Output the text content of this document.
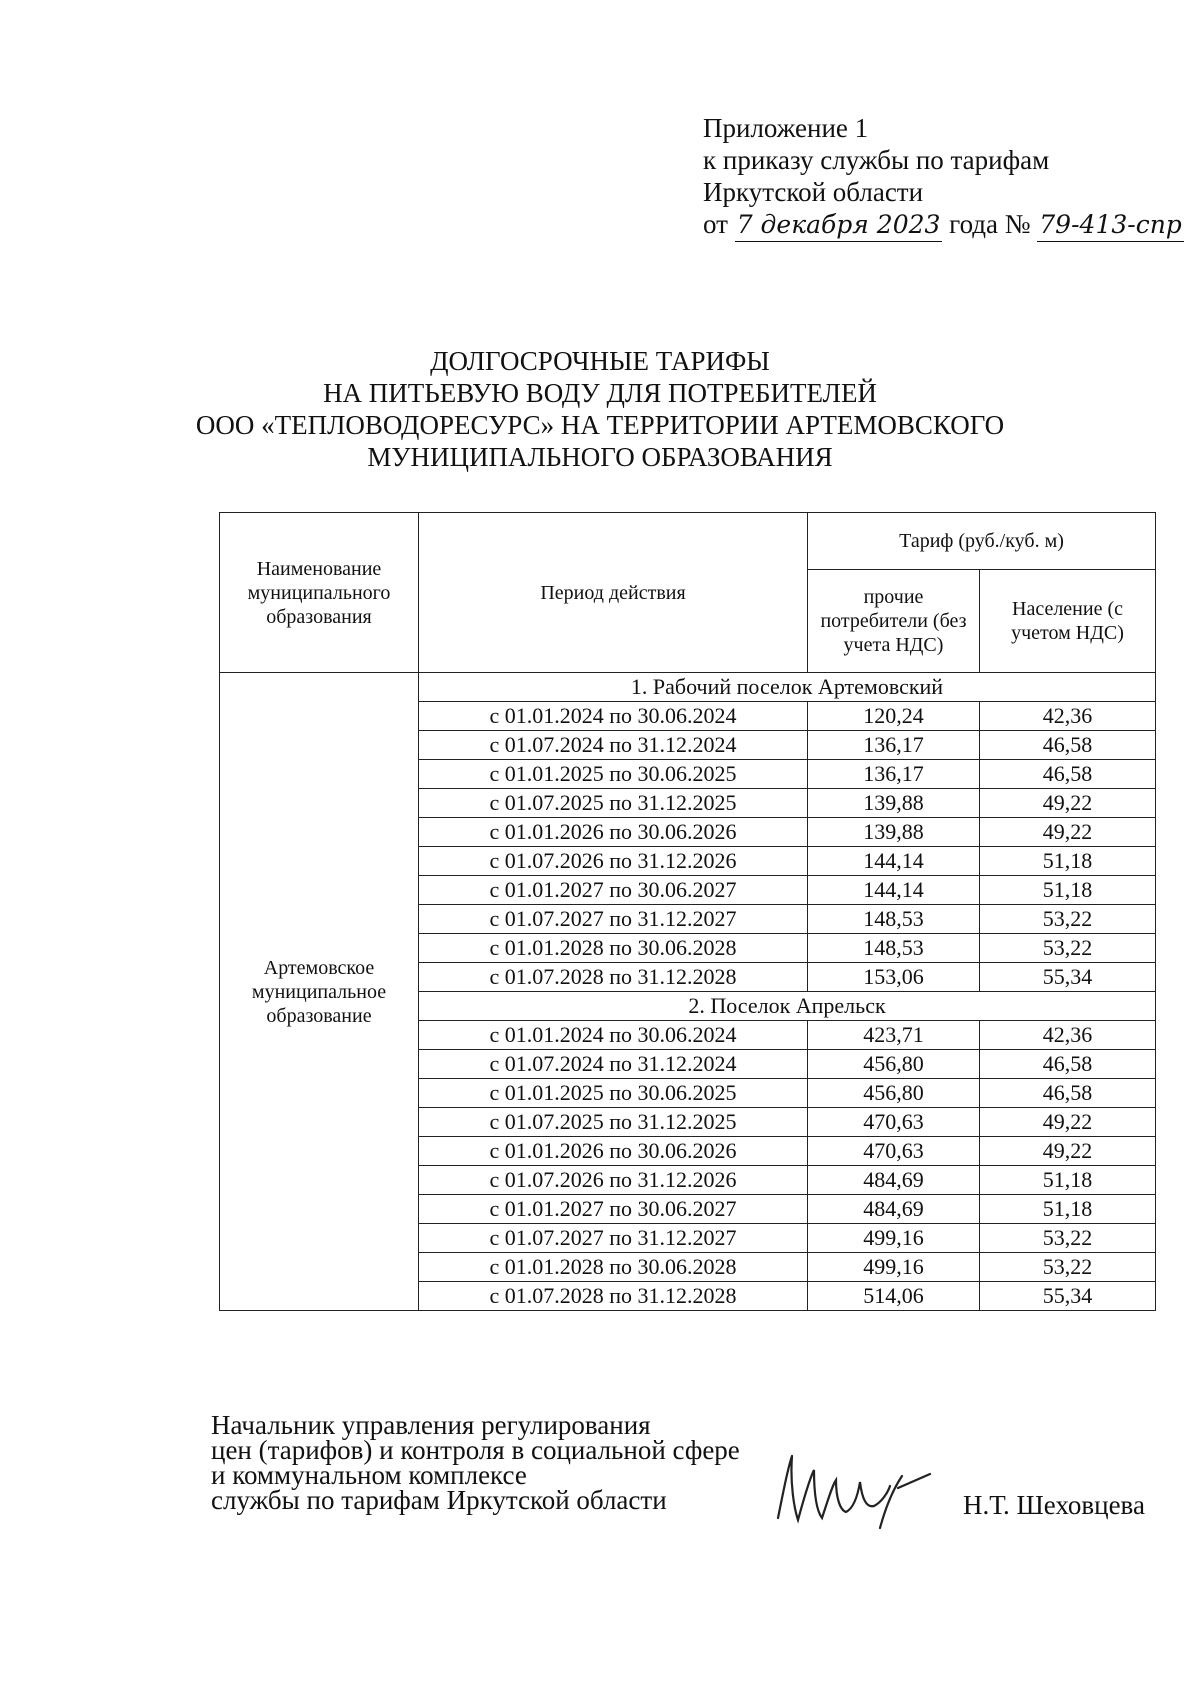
Приложение 1
к приказу службы по тарифам
Иркутской области
от 7 декабря 2023 года № 79-413-спр
ДОЛГОСРОЧНЫЕ ТАРИФЫ
НА ПИТЬЕВУЮ ВОДУ ДЛЯ ПОТРЕБИТЕЛЕЙ
ООО «ТЕПЛОВОДОРЕСУРС» НА ТЕРРИТОРИИ АРТЕМОВСКОГО
МУНИЦИПАЛЬНОГО ОБРАЗОВАНИЯ
Наименование муниципального образования	Период действия	Тариф (руб./куб. м)	
		прочие потребители (без учета НДС)	Население (с учетом НДС)
Артемовское муниципальное образование	1. Рабочий поселок Артемовский		
	с 01.01.2024 по 30.06.2024	120,24	42,36
	с 01.07.2024 по 31.12.2024	136,17	46,58
	с 01.01.2025 по 30.06.2025	136,17	46,58
	с 01.07.2025 по 31.12.2025	139,88	49,22
	с 01.01.2026 по 30.06.2026	139,88	49,22
	с 01.07.2026 по 31.12.2026	144,14	51,18
	с 01.01.2027 по 30.06.2027	144,14	51,18
	с 01.07.2027 по 31.12.2027	148,53	53,22
	с 01.01.2028 по 30.06.2028	148,53	53,22
	с 01.07.2028 по 31.12.2028	153,06	55,34
	2. Поселок Апрельск		
	с 01.01.2024 по 30.06.2024	423,71	42,36
	с 01.07.2024 по 31.12.2024	456,80	46,58
	с 01.01.2025 по 30.06.2025	456,80	46,58
	с 01.07.2025 по 31.12.2025	470,63	49,22
	с 01.01.2026 по 30.06.2026	470,63	49,22
	с 01.07.2026 по 31.12.2026	484,69	51,18
	с 01.01.2027 по 30.06.2027	484,69	51,18
	с 01.07.2027 по 31.12.2027	499,16	53,22
	с 01.01.2028 по 30.06.2028	499,16	53,22
	с 01.07.2028 по 31.12.2028	514,06	55,34
Начальник управления регулирования
цен (тарифов) и контроля в социальной сфере
и коммунальном комплексе
службы по тарифам Иркутской области	Н.Т. Шеховцева
